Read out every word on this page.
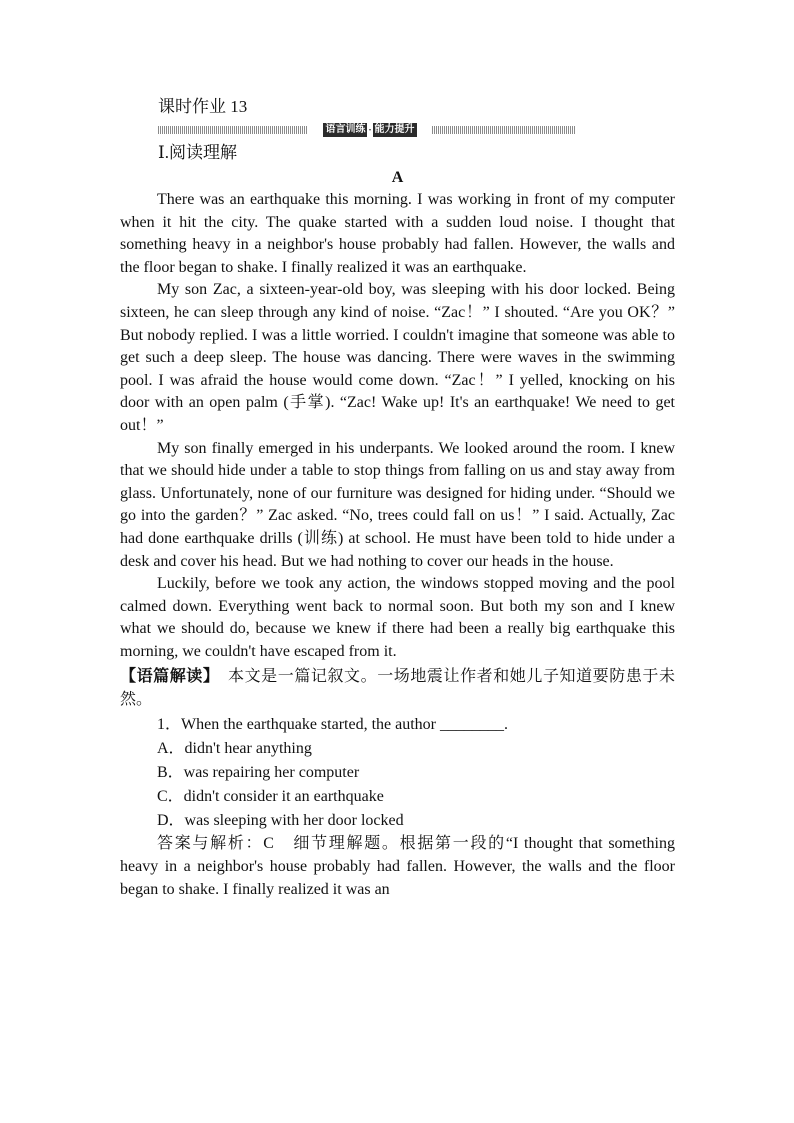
课时作业 13
语言训练 · 能力提升
Ⅰ.阅读理解
A

There was an earthquake this morning. I was working in front of my computer when it hit the city. The quake started with a sudden loud noise. I thought that something heavy in a neighbor's house probably had fallen. However, the walls and the floor began to shake. I finally realized it was an earthquake.

My son Zac, a sixteen-year-old boy, was sleeping with his door locked. Being sixteen, he can sleep through any kind of noise. “Zac！” I shouted. “Are you OK？” But nobody replied. I was a little worried. I couldn't imagine that someone was able to get such a deep sleep. The house was dancing. There were waves in the swimming pool. I was afraid the house would come down. “Zac！” I yelled, knocking on his door with an open palm (手掌). “Zac! Wake up! It's an earthquake! We need to get out！”

My son finally emerged in his underpants. We looked around the room. I knew that we should hide under a table to stop things from falling on us and stay away from glass. Unfortunately, none of our furniture was designed for hiding under. “Should we go into the garden？” Zac asked. “No, trees could fall on us！” I said. Actually, Zac had done earthquake drills (训练) at school. He must have been told to hide under a desk and cover his head. But we had nothing to cover our heads in the house.

Luckily, before we took any action, the windows stopped moving and the pool calmed down. Everything went back to normal soon. But both my son and I knew what we should do, because we knew if there had been a really big earthquake this morning, we couldn't have escaped from it.

【语篇解读】　本文是一篇记叙文。一场地震让作者和她儿子知道要防患于未然。
1．When the earthquake started, the author ________.
A．didn't hear anything
B．was repairing her computer
C．didn't consider it an earthquake
D．was sleeping with her door locked

答案与解析：C　细节理解题。根据第一段的“I thought that something heavy in a neighbor's house probably had fallen. However, the walls and the floor began to shake. I finally realized it was an
